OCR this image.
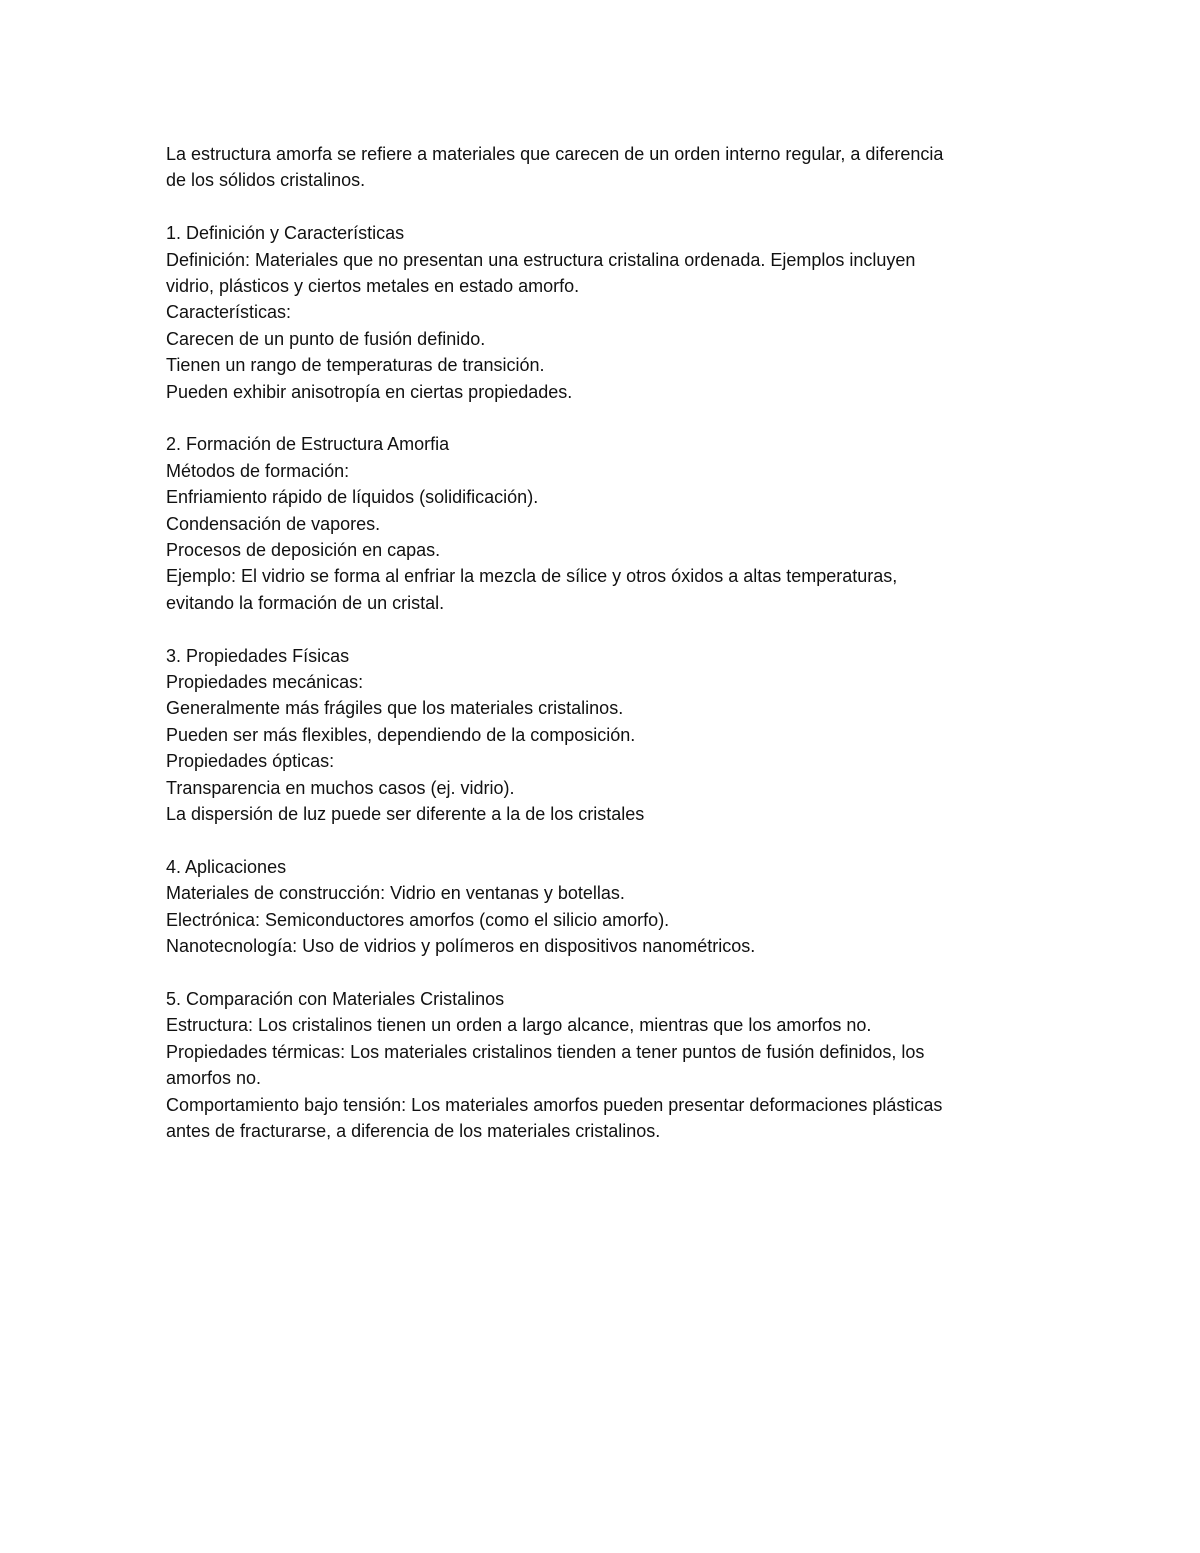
La estructura amorfa se refiere a materiales que carecen de un orden interno regular, a diferencia
de los sólidos cristalinos.
1. Definición y Características
Definición: Materiales que no presentan una estructura cristalina ordenada. Ejemplos incluyen
vidrio, plásticos y ciertos metales en estado amorfo.
Características:
Carecen de un punto de fusión definido.
Tienen un rango de temperaturas de transición.
Pueden exhibir anisotropía en ciertas propiedades.
2. Formación de Estructura Amorfia
Métodos de formación:
Enfriamiento rápido de líquidos (solidificación).
Condensación de vapores.
Procesos de deposición en capas.
Ejemplo: El vidrio se forma al enfriar la mezcla de sílice y otros óxidos a altas temperaturas,
evitando la formación de un cristal.
3. Propiedades Físicas
Propiedades mecánicas:
Generalmente más frágiles que los materiales cristalinos.
Pueden ser más flexibles, dependiendo de la composición.
Propiedades ópticas:
Transparencia en muchos casos (ej. vidrio).
La dispersión de luz puede ser diferente a la de los cristales
4. Aplicaciones
Materiales de construcción: Vidrio en ventanas y botellas.
Electrónica: Semiconductores amorfos (como el silicio amorfo).
Nanotecnología: Uso de vidrios y polímeros en dispositivos nanométricos.
5. Comparación con Materiales Cristalinos
Estructura: Los cristalinos tienen un orden a largo alcance, mientras que los amorfos no.
Propiedades térmicas: Los materiales cristalinos tienden a tener puntos de fusión definidos, los
amorfos no.
Comportamiento bajo tensión: Los materiales amorfos pueden presentar deformaciones plásticas
antes de fracturarse, a diferencia de los materiales cristalinos.
